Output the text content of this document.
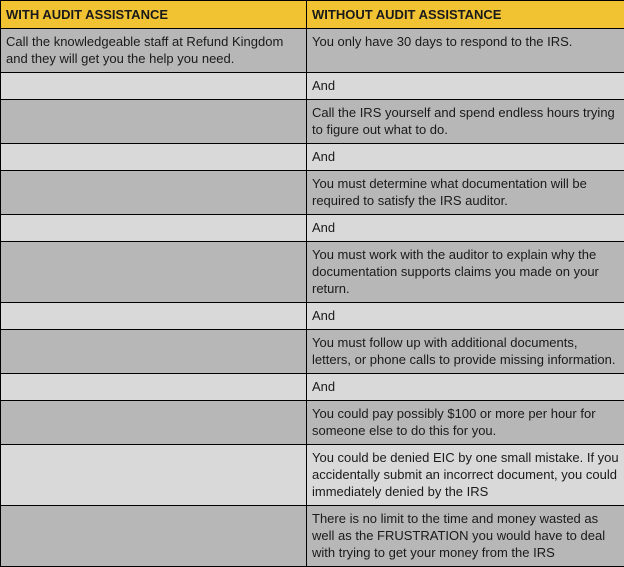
WITH AUDIT ASSISTANCE	WITHOUT AUDIT ASSISTANCE
Call the knowledgeable staff at Refund Kingdom and they will get you the help you need.	You only have 30 days to respond to the IRS.
	And
	Call the IRS yourself and spend endless hours trying to figure out what to do.
	And
	You must determine what documentation will be required to satisfy the IRS auditor.
	And
	You must work with the auditor to explain why the documentation supports claims you made on your return.
	And
	You must follow up with additional documents, letters, or phone calls to provide missing information.
	And
	You could pay possibly $100 or more per hour for someone else to do this for you.
	You could be denied EIC by one small mistake. If you accidentally submit an incorrect document, you could immediately denied by the IRS
	There is no limit to the time and money wasted as well as the FRUSTRATION you would have to deal with trying to get your money from the IRS
